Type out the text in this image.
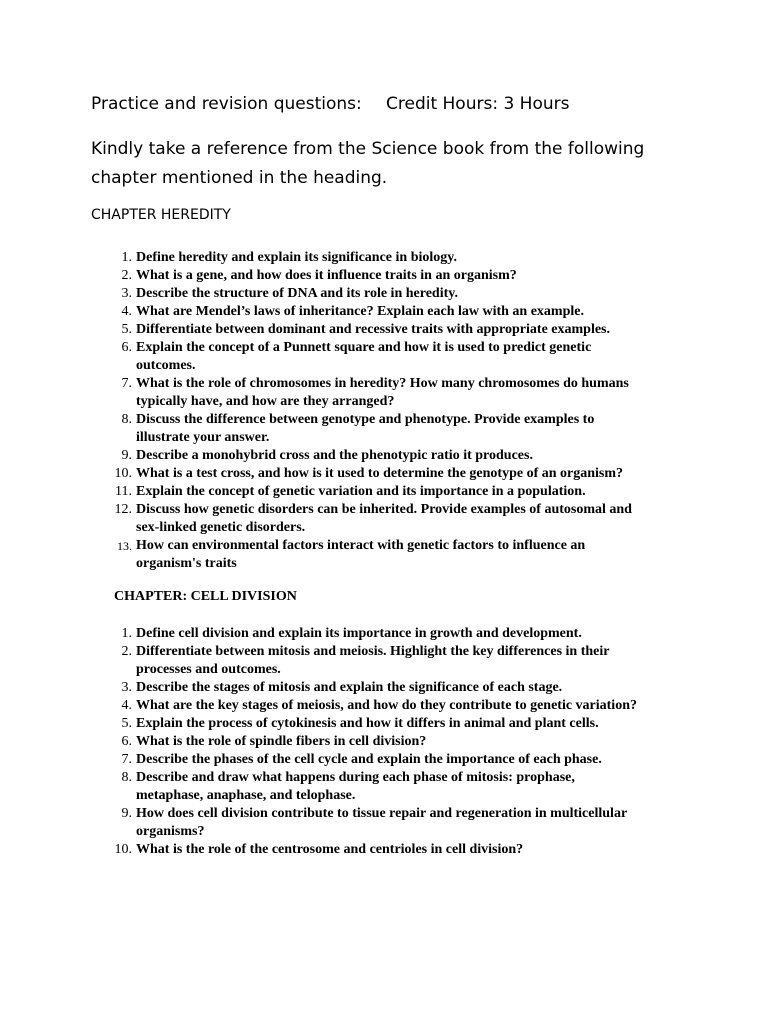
Practice and revision questions: Credit Hours: 3 Hours
Kindly take a reference from the Science book from the following
chapter mentioned in the heading.
CHAPTER HEREDITY
1. Define heredity and explain its significance in biology.
2. What is a gene, and how does it influence traits in an organism?
3. Describe the structure of DNA and its role in heredity.
4. What are Mendel’s laws of inheritance? Explain each law with an example.
5. Differentiate between dominant and recessive traits with appropriate examples.
6. Explain the concept of a Punnett square and how it is used to predict genetic
outcomes.
7. What is the role of chromosomes in heredity? How many chromosomes do humans
typically have, and how are they arranged?
8. Discuss the difference between genotype and phenotype. Provide examples to
illustrate your answer.
9. Describe a monohybrid cross and the phenotypic ratio it produces.
10. What is a test cross, and how is it used to determine the genotype of an organism?
11. Explain the concept of genetic variation and its importance in a population.
12. Discuss how genetic disorders can be inherited. Provide examples of autosomal and
sex-linked genetic disorders.
13. How can environmental factors interact with genetic factors to influence an
organism's traits
CHAPTER: CELL DIVISION
1. Define cell division and explain its importance in growth and development.
2. Differentiate between mitosis and meiosis. Highlight the key differences in their
processes and outcomes.
3. Describe the stages of mitosis and explain the significance of each stage.
4. What are the key stages of meiosis, and how do they contribute to genetic variation?
5. Explain the process of cytokinesis and how it differs in animal and plant cells.
6. What is the role of spindle fibers in cell division?
7. Describe the phases of the cell cycle and explain the importance of each phase.
8. Describe and draw what happens during each phase of mitosis: prophase,
metaphase, anaphase, and telophase.
9. How does cell division contribute to tissue repair and regeneration in multicellular
organisms?
10. What is the role of the centrosome and centrioles in cell division?
